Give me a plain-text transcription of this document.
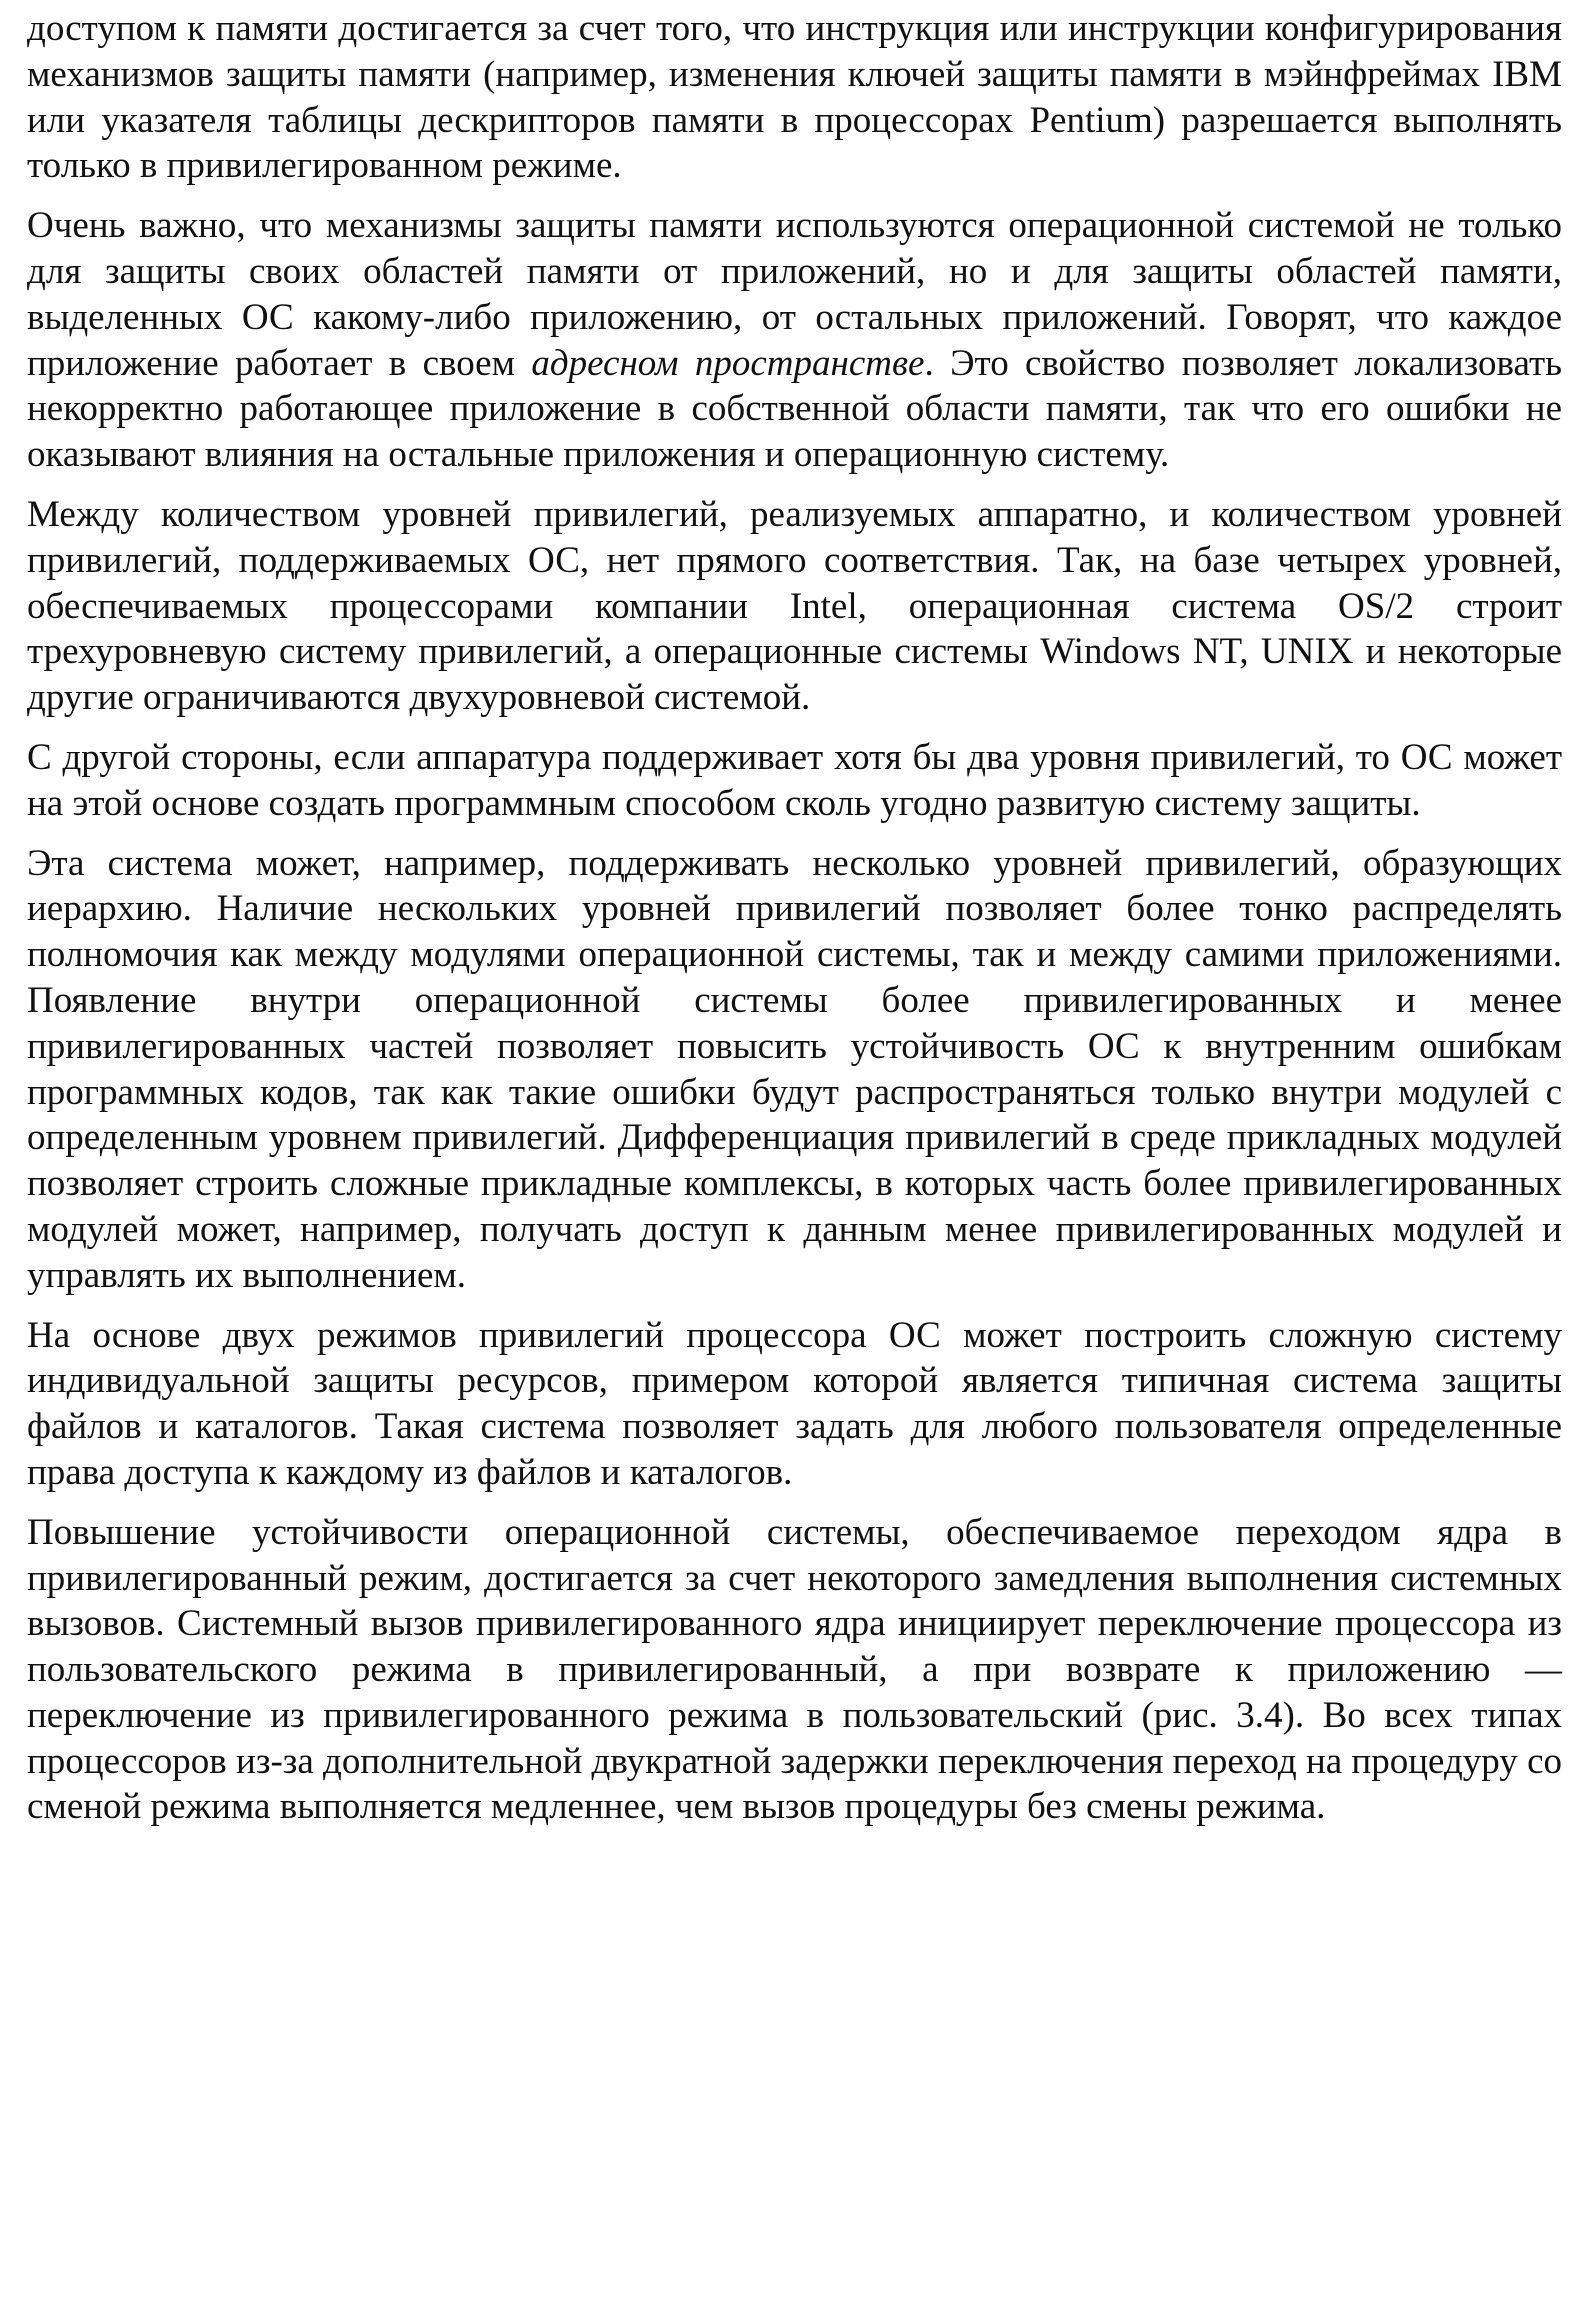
доступом к памяти достигается за счет того, что инструкция или инструкции конфигурирования механизмов защиты памяти (например, изменения ключей защиты памяти в мэйнфреймах IBM или указателя таблицы дескрипторов памяти в процессорах Pentium) разрешается выполнять только в привилегированном режиме.

Очень важно, что механизмы защиты памяти используются операционной системой не только для защиты своих областей памяти от приложений, но и для защиты областей памяти, выделенных ОС какому-либо приложению, от остальных приложений. Говорят, что каждое приложение работает в своем адресном пространстве. Это свойство позволяет локализовать некорректно работающее приложение в собственной области памяти, так что его ошибки не оказывают влияния на остальные приложения и операционную систему.

Между количеством уровней привилегий, реализуемых аппаратно, и количеством уровней привилегий, поддерживаемых ОС, нет прямого соответствия. Так, на базе четырех уровней, обеспечиваемых процессорами компании Intel, операционная система OS/2 строит трехуровневую систему привилегий, а операционные системы Windows NT, UNIX и некоторые другие ограничиваются двухуровневой системой.

С другой стороны, если аппаратура поддерживает хотя бы два уровня привилегий, то ОС может на этой основе создать программным способом сколь угодно развитую систему защиты.

Эта система может, например, поддерживать несколько уровней привилегий, образующих иерархию. Наличие нескольких уровней привилегий позволяет более тонко распределять полномочия как между модулями операционной системы, так и между самими приложениями. Появление внутри операционной системы более привилегированных и менее привилегированных частей позволяет повысить устойчивость ОС к внутренним ошибкам программных кодов, так как такие ошибки будут распространяться только внутри модулей с определенным уровнем привилегий. Дифференциация привилегий в среде прикладных модулей позволяет строить сложные прикладные комплексы, в которых часть более привилегированных модулей может, например, получать доступ к данным менее привилегированных модулей и управлять их выполнением.

На основе двух режимов привилегий процессора ОС может построить сложную систему индивидуальной защиты ресурсов, примером которой является типичная система защиты файлов и каталогов. Такая система позволяет задать для любого пользователя определенные права доступа к каждому из файлов и каталогов.

Повышение устойчивости операционной системы, обеспечиваемое переходом ядра в привилегированный режим, достигается за счет некоторого замедления выполнения системных вызовов. Системный вызов привилегированного ядра инициирует переключение процессора из пользовательского режима в привилегированный, а при возврате к приложению — переключение из привилегированного режима в пользовательский (рис. 3.4). Во всех типах процессоров из-за дополнительной двукратной задержки переключения переход на процедуру со сменой режима выполняется медленнее, чем вызов процедуры без смены режима.
